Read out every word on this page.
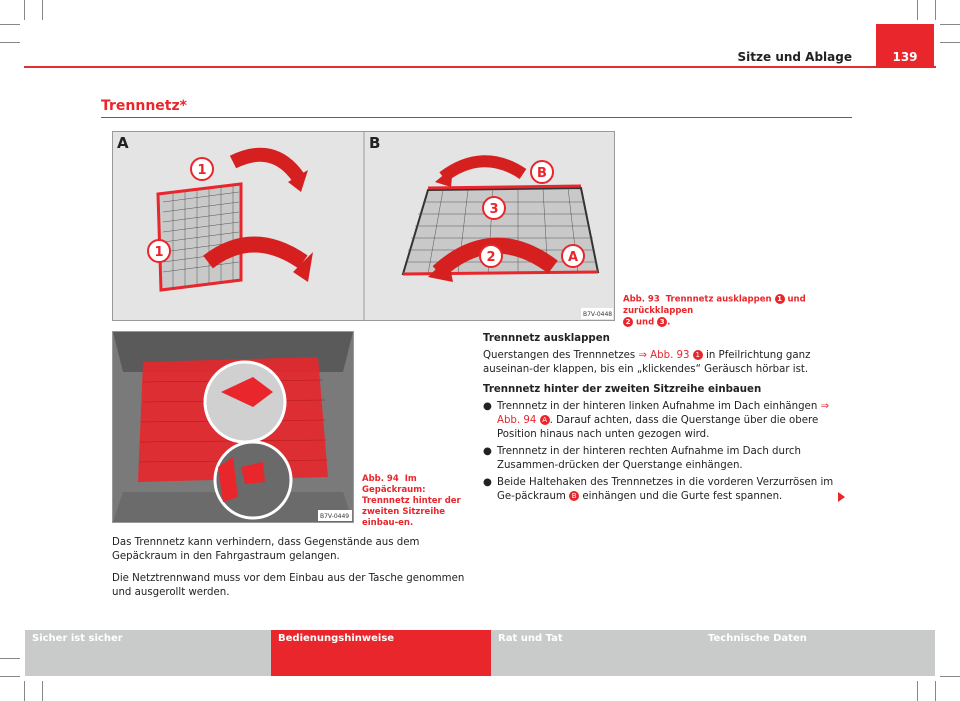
Sitze und Ablage	139
Trennnetz*
A	B
1
1
B
3
2	A
B7V-0448
Abb. 93 Trennnetz ausklappen 1 und zurückklappen
2 und 3 .
B7V-0449
Abb. 94 Im Gepäckraum: Trennnetz hinter der zweiten Sitzreihe einbau-en.

Das Trennnetz kann verhindern, dass Gegenstände aus dem Gepäckraum in den Fahrgastraum gelangen.

Die Netztrennwand muss vor dem Einbau aus der Tasche genommen und ausgerollt werden.

Trennnetz ausklappen

Querstangen des Trennnetzes ⇒ Abb. 93 1 in Pfeilrichtung ganz auseinan-der klappen, bis ein „klickendes“ Geräusch hörbar ist.

Trennnetz hinter der zweiten Sitzreihe einbauen

● Trennnetz in der hinteren linken Aufnahme im Dach einhängen ⇒ Abb. 94 A . Darauf achten, dass die Querstange über die obere Position hinaus nach unten gezogen wird.
● Trennnetz in der hinteren rechten Aufnahme im Dach durch Zusammen-drücken der Querstange einhängen.
● Beide Haltehaken des Trennnetzes in die vorderen Verzurrösen im Ge-päckraum B einhängen und die Gurte fest spannen.
Sicher ist sicher	Bedienungshinweise	Rat und Tat	Technische Daten
